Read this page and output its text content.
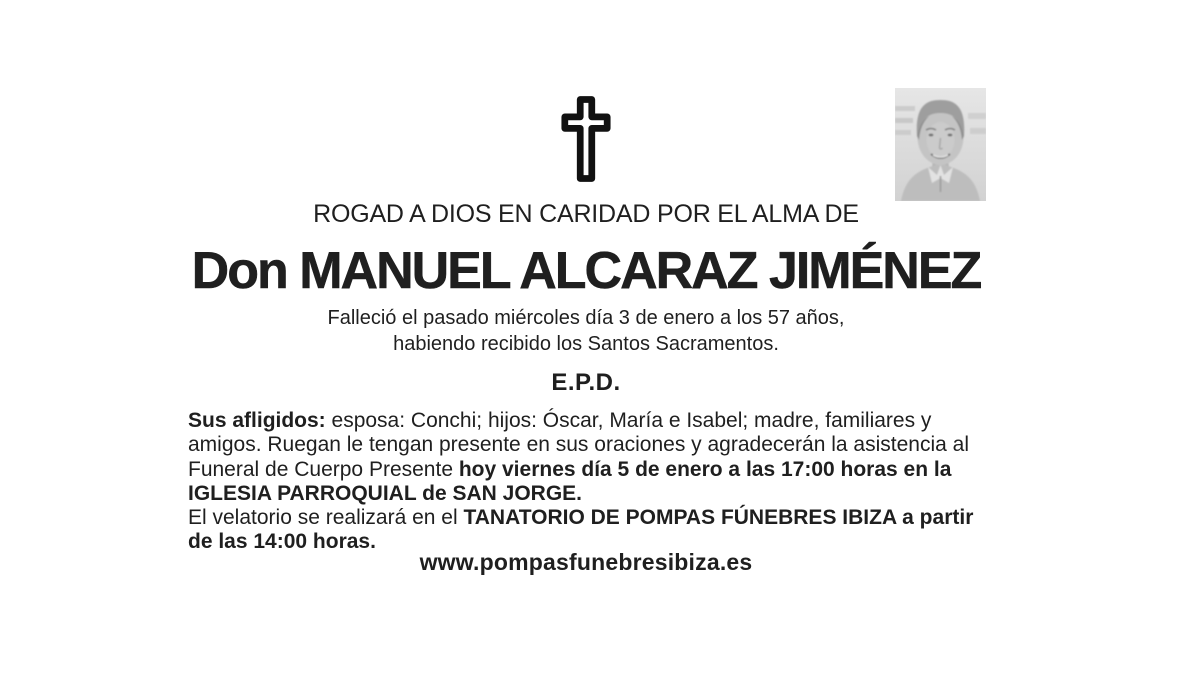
ROGAD A DIOS EN CARIDAD POR EL ALMA DE
Don MANUEL ALCARAZ JIMÉNEZ
Falleció el pasado miércoles día 3 de enero a los 57 años,
habiendo recibido los Santos Sacramentos.
E.P.D.
Sus afligidos: esposa: Conchi; hijos: Óscar, María e Isabel; madre, familiares y
amigos. Ruegan le tengan presente en sus oraciones y agradecerán la asistencia al
Funeral de Cuerpo Presente hoy viernes día 5 de enero a las 17:00 horas en la
IGLESIA PARROQUIAL de SAN JORGE.
El velatorio se realizará en el TANATORIO DE POMPAS FÚNEBRES IBIZA a partir
de las 14:00 horas.
www.pompasfunebresibiza.es
